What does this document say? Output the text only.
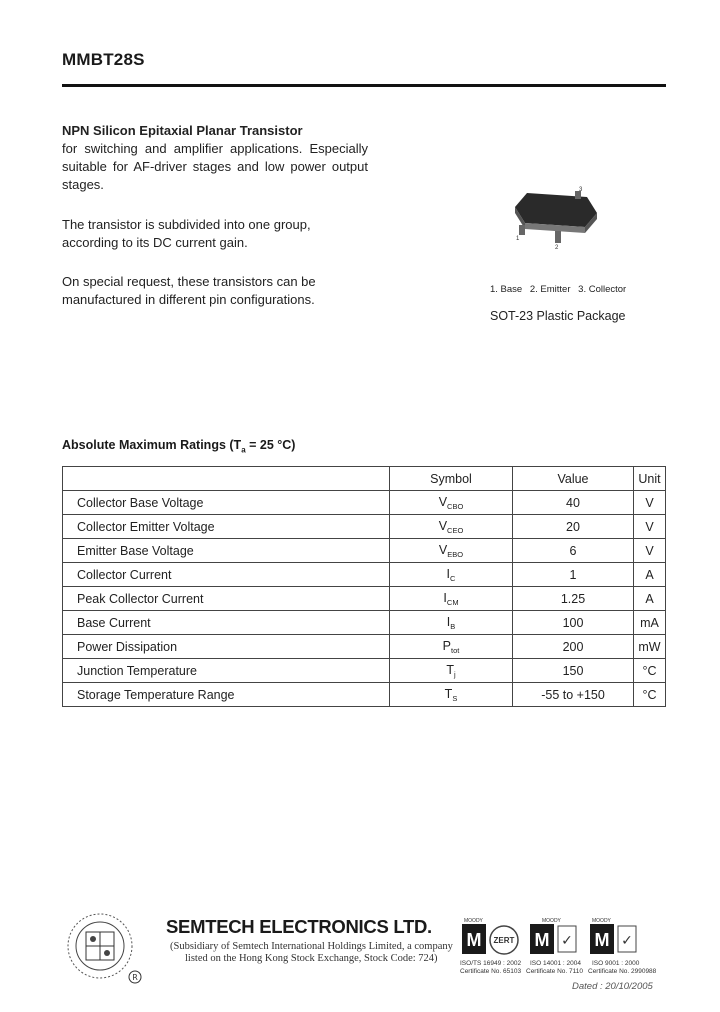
MMBT28S
NPN Silicon Epitaxial Planar Transistor
for switching and amplifier applications. Especially suitable for AF-driver stages and low power output stages.
The transistor is subdivided into one group, according to its DC current gain.
On special request, these transistors can be manufactured in different pin configurations.
1
2
3
1. Base 2. Emitter 3. Collector
SOT-23 Plastic Package
Absolute Maximum Ratings ($T_a = 25$ °C)
	Symbol	Value	Unit
Collector Base Voltage	$V_{CBO}$	40	V
Collector Emitter Voltage	$V_{CEO}$	20	V
Emitter Base Voltage	$V_{EBO}$	6	V
Collector Current	$I_C$	1	A
Peak Collector Current	$I_{CM}$	1.25	A
Base Current	$I_B$	100	mA
Power Dissipation	$P_{tot}$	200	mW
Junction Temperature	$T_j$	150	°C
Storage Temperature Range	$T_S$	-55 to +150	°C
R
SEMTECH ELECTRONICS LTD.
(Subsidiary of Semtech International Holdings Limited, a company
listed on the Hong Kong Stock Exchange, Stock Code: 724)
MOODY
M ZERT
MOODY
M ✓
MOODY
M ✓
ISO/TS 16949 : 2002
Certificate No. 65103
ISO 14001 : 2004
Certificate No. 7110
ISO 9001 : 2000
Certificate No. 2990988
Dated : 20/10/2005
